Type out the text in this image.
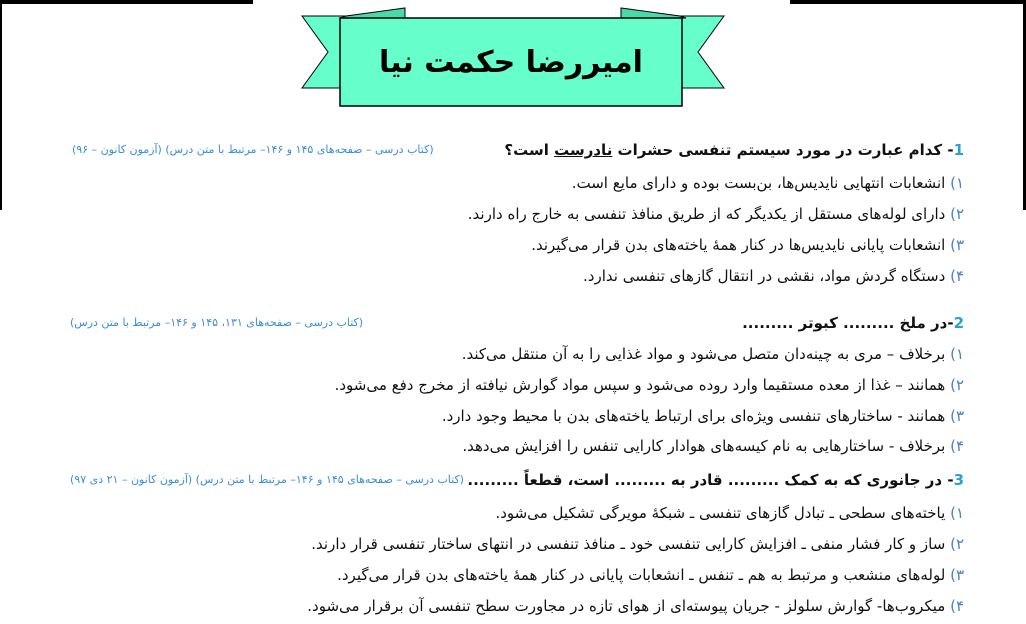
امیررضا حکمت نیا
1- کدام عبارت در مورد سیستم تنفسی حشرات نادرست است؟
(کتاب درسی – صفحه‌های ۱۴۵ و ۱۴۶– مرتبط با متن درس) (آزمون کانون – ۹۶)
۱) انشعابات انتهایی نایدیس‌ها، بن‌بست بوده و دارای مایع است.
۲) دارای لوله‌های مستقل از یکدیگر که از طریق منافذ تنفسی به خارج راه دارند.
۳) انشعابات پایانی نایدیس‌ها در کنار همهٔ یاخته‌های بدن قرار می‌گیرند.
۴) دستگاه گردش مواد، نقشی در انتقال گازهای تنفسی ندارد.
2-در ملخ ......... کبوتر .........
(کتاب درسی – صفحه‌های ۱۳۱، ۱۴۵ و ۱۴۶– مرتبط با متن درس)
۱) برخلاف – مری به چینه‌دان متصل می‌شود و مواد غذایی را به آن منتقل می‌کند.
۲) همانند – غذا از معده مستقیما وارد روده می‌شود و سپس مواد گوارش نیافته از مخرج دفع می‌شود.
۳) همانند - ساختارهای تنفسی ویژه‌ای برای ارتباط یاخته‌های بدن با محیط وجود دارد.
۴) برخلاف - ساختارهایی به نام کیسه‌های هوادار کارایی تنفس را افزایش می‌دهد.
3- در جانوری که به کمک ......... قادر به ......... است، قطعاً .........
(کتاب درسی – صفحه‌های ۱۴۵ و ۱۴۶– مرتبط با متن درس) (آزمون کانون – ۲۱ دی ۹۷)
۱) یاخته‌های سطحی ـ تبادل گازهای تنفسی ـ شبکهٔ مویرگی تشکیل می‌شود.
۲) ساز و کار فشار منفی ـ افزایش کارایی تنفسی خود ـ منافذ تنفسی در انتهای ساختار تنفسی قرار دارند.
۳) لوله‌های منشعب و مرتبط به هم ـ تنفس ـ انشعابات پایانی در کنار همهٔ یاخته‌های بدن قرار می‌گیرد.
۴) میکروب‌ها- گوارش سلولز - جریان پیوسته‌ای از هوای تازه در مجاورت سطح تنفسی آن برقرار می‌شود.
